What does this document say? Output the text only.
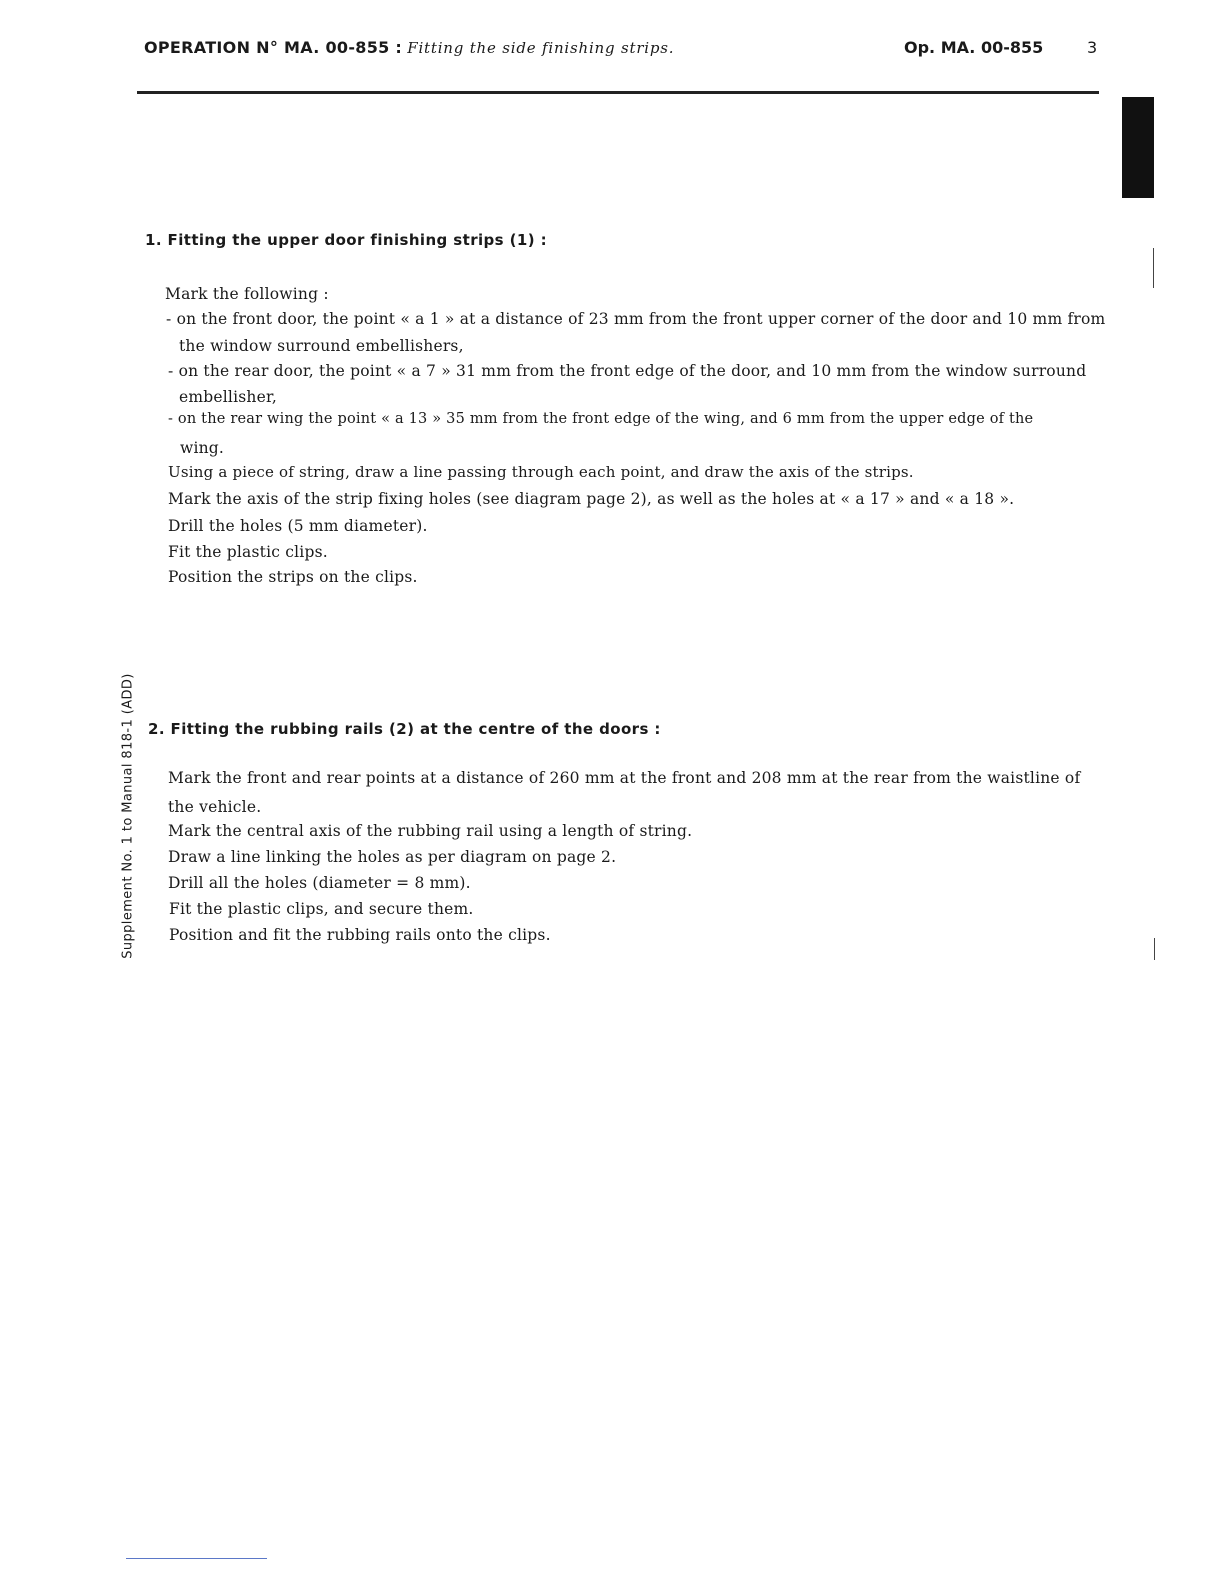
OPERATION N° MA. 00-855 : Fitting the side finishing strips.	Op. MA. 00-855	3
Supplement No. 1 to Manual 818-1 (ADD)
1. Fitting the upper door finishing strips (1) :
Mark the following :
- on the front door, the point « a 1 » at a distance of 23 mm from the front upper corner of the door and 10 mm from
the window surround embellishers,
- on the rear door, the point « a 7 » 31 mm from the front edge of the door, and 10 mm from the window surround
embellisher,
- on the rear wing the point « a 13 » 35 mm from the front edge of the wing, and 6 mm from the upper edge of the
wing.
Using a piece of string, draw a line passing through each point, and draw the axis of the strips.
Mark the axis of the strip fixing holes (see diagram page 2), as well as the holes at « a 17 » and « a 18 ».
Drill the holes (5 mm diameter).
Fit the plastic clips.
Position the strips on the clips.
2. Fitting the rubbing rails (2) at the centre of the doors :
Mark the front and rear points at a distance of 260 mm at the front and 208 mm at the rear from the waistline of
the vehicle.
Mark the central axis of the rubbing rail using a length of string.
Draw a line linking the holes as per diagram on page 2.
Drill all the holes (diameter = 8 mm).
Fit the plastic clips, and secure them.
Position and fit the rubbing rails onto the clips.
